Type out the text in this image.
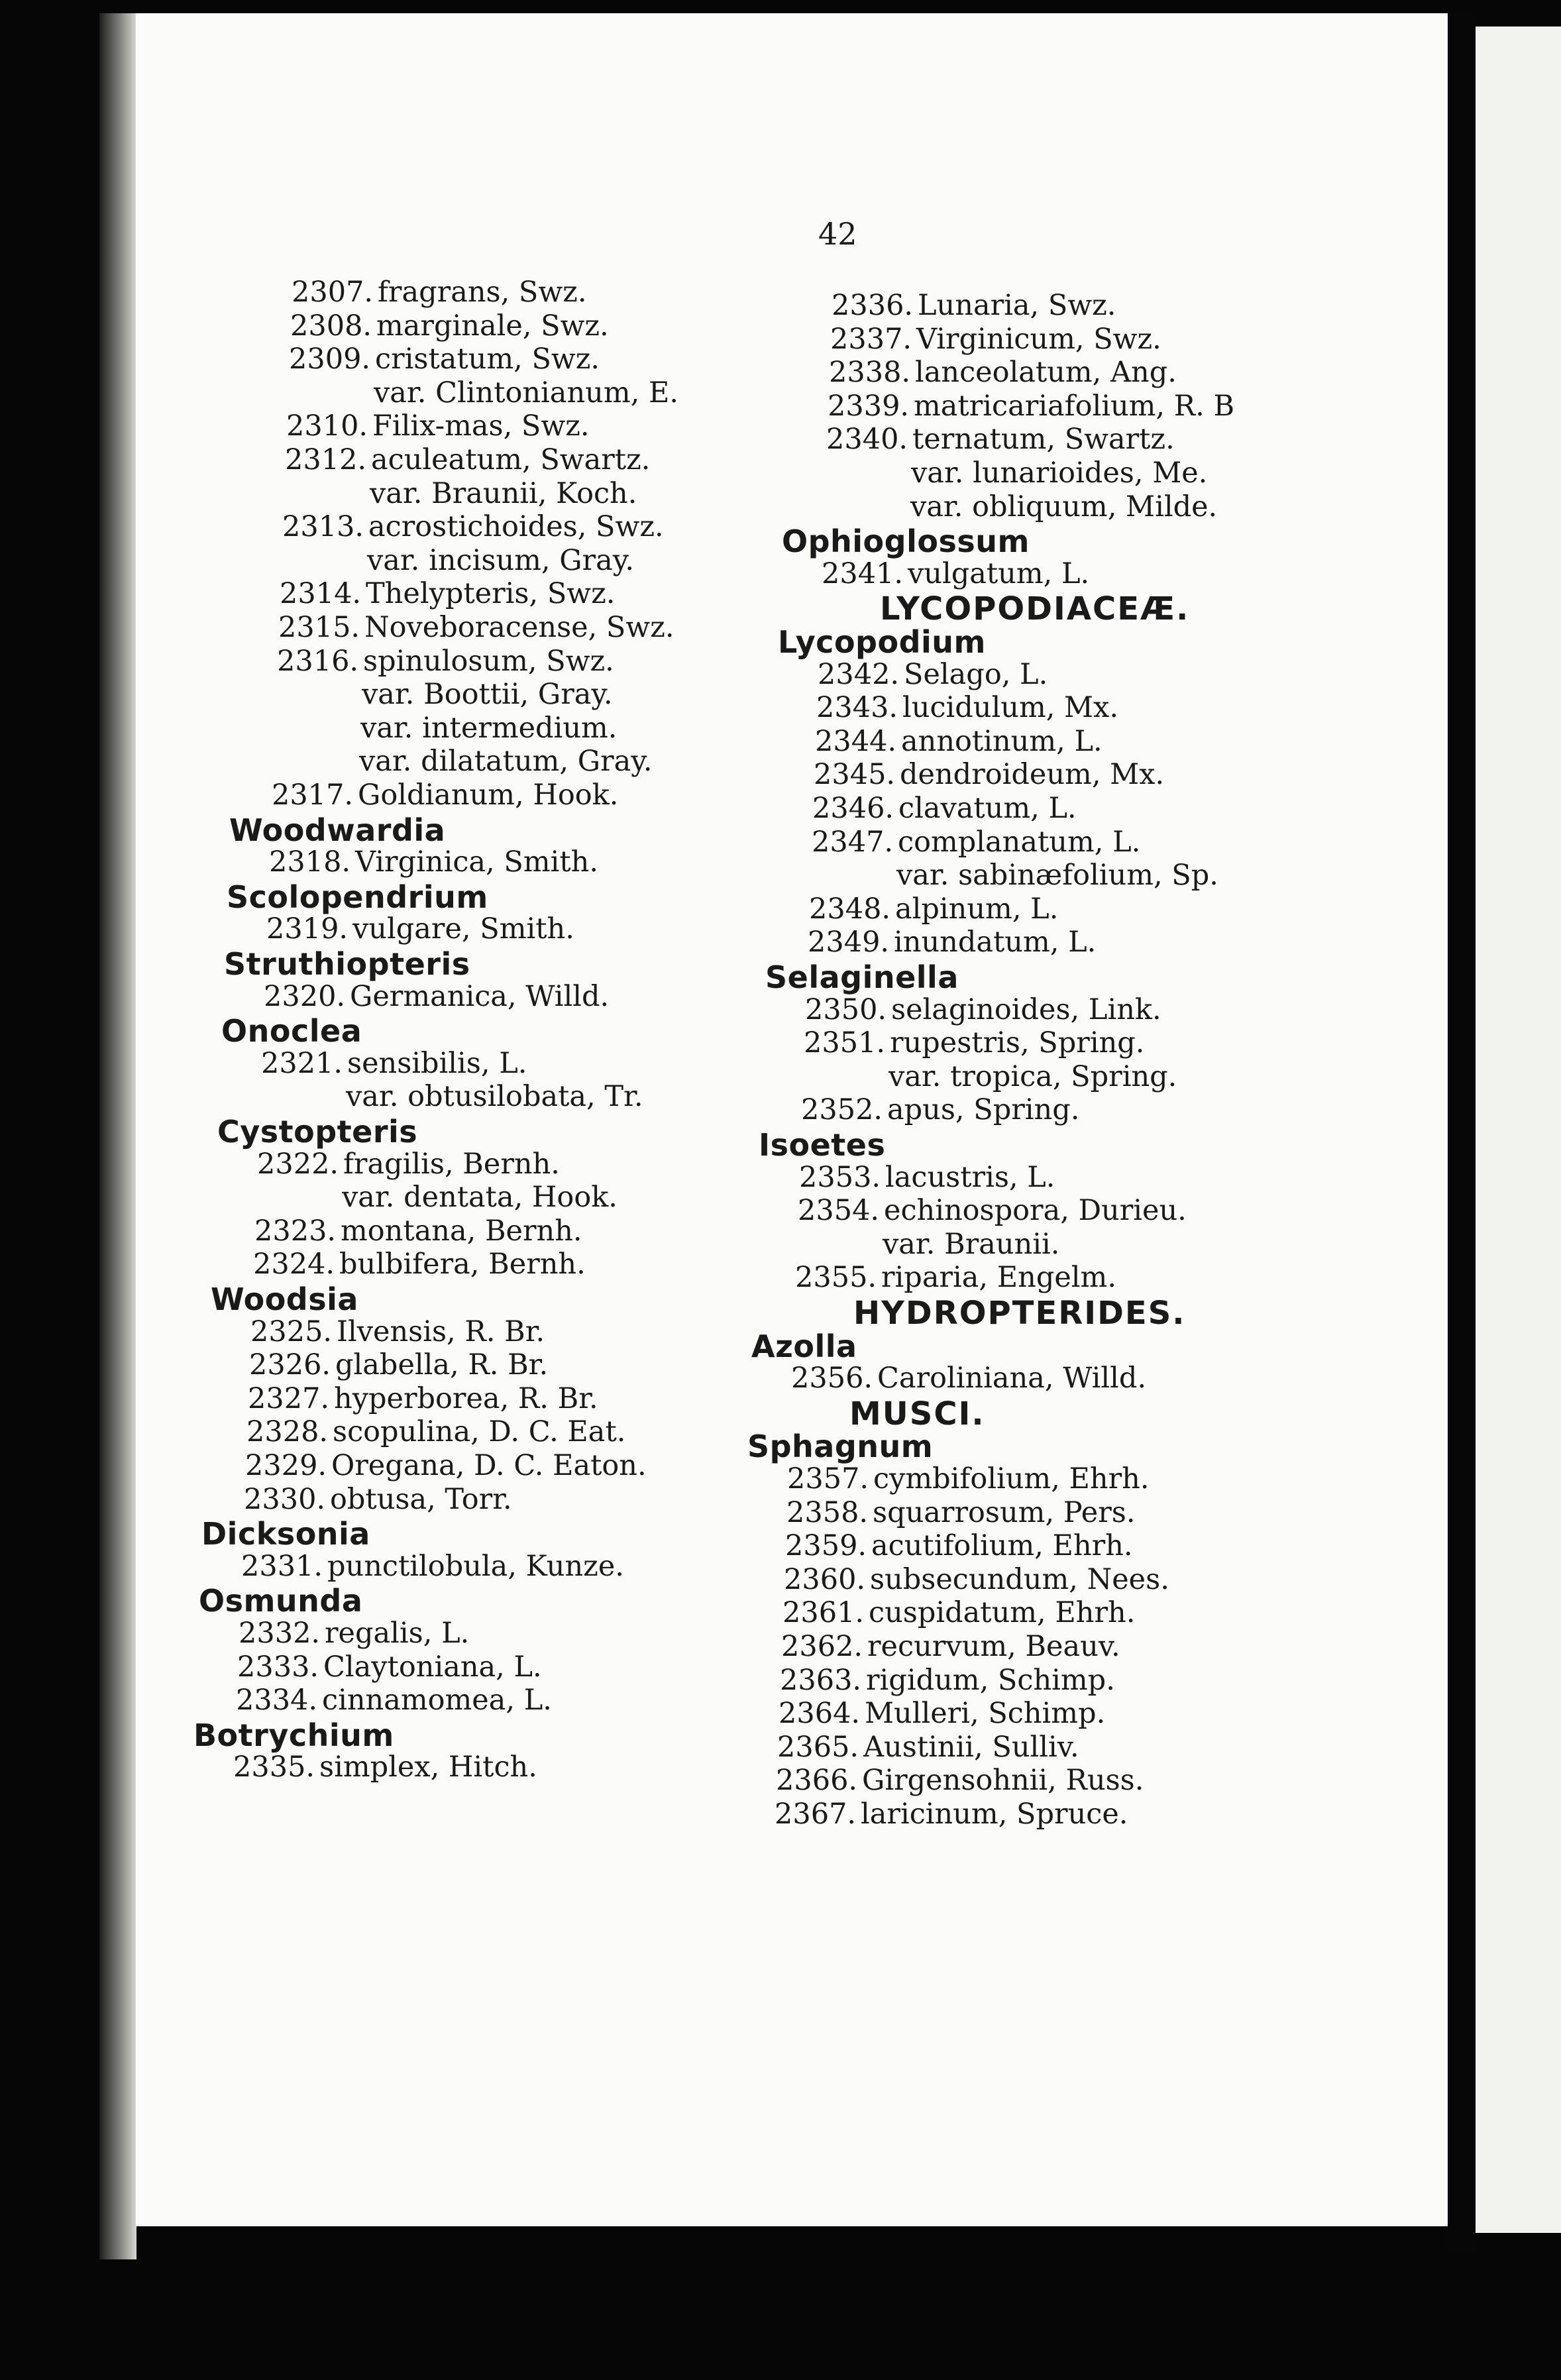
42
2307. fragrans, Swz.
2308. marginale, Swz.
2309. cristatum, Swz.
var. Clintonianum, E.
2310. Filix-mas, Swz.
2312. aculeatum, Swartz.
var. Braunii, Koch.
2313. acrostichoides, Swz.
var. incisum, Gray.
2314. Thelypteris, Swz.
2315. Noveboracense, Swz.
2316. spinulosum, Swz.
var. Boottii, Gray.
var. intermedium.
var. dilatatum, Gray.
2317. Goldianum, Hook.
Woodwardia
2318. Virginica, Smith.
Scolopendrium
2319. vulgare, Smith.
Struthiopteris
2320. Germanica, Willd.
Onoclea
2321. sensibilis, L.
var. obtusilobata, Tr.
Cystopteris
2322. fragilis, Bernh.
var. dentata, Hook.
2323. montana, Bernh.
2324. bulbifera, Bernh.
Woodsia
2325. Ilvensis, R. Br.
2326. glabella, R. Br.
2327. hyperborea, R. Br.
2328. scopulina, D. C. Eat.
2329. Oregana, D. C. Eaton.
2330. obtusa, Torr.
Dicksonia
2331. punctilobula, Kunze.
Osmunda
2332. regalis, L.
2333. Claytoniana, L.
2334. cinnamomea, L.
Botrychium
2335. simplex, Hitch.
2336. Lunaria, Swz.
2337. Virginicum, Swz.
2338. lanceolatum, Ang.
2339. matricariafolium, R. B
2340. ternatum, Swartz.
var. lunarioides, Me.
var. obliquum, Milde.
Ophioglossum
2341. vulgatum, L.
LYCOPODIACEÆ.
Lycopodium
2342. Selago, L.
2343. lucidulum, Mx.
2344. annotinum, L.
2345. dendroideum, Mx.
2346. clavatum, L.
2347. complanatum, L.
var. sabinæfolium, Sp.
2348. alpinum, L.
2349. inundatum, L.
Selaginella
2350. selaginoides, Link.
2351. rupestris, Spring.
var. tropica, Spring.
2352. apus, Spring.
Isoetes
2353. lacustris, L.
2354. echinospora, Durieu.
var. Braunii.
2355. riparia, Engelm.
HYDROPTERIDES.
Azolla
2356. Caroliniana, Willd.
MUSCI.
Sphagnum
2357. cymbifolium, Ehrh.
2358. squarrosum, Pers.
2359. acutifolium, Ehrh.
2360. subsecundum, Nees.
2361. cuspidatum, Ehrh.
2362. recurvum, Beauv.
2363. rigidum, Schimp.
2364. Mulleri, Schimp.
2365. Austinii, Sulliv.
2366. Girgensohnii, Russ.
2367. laricinum, Spruce.
